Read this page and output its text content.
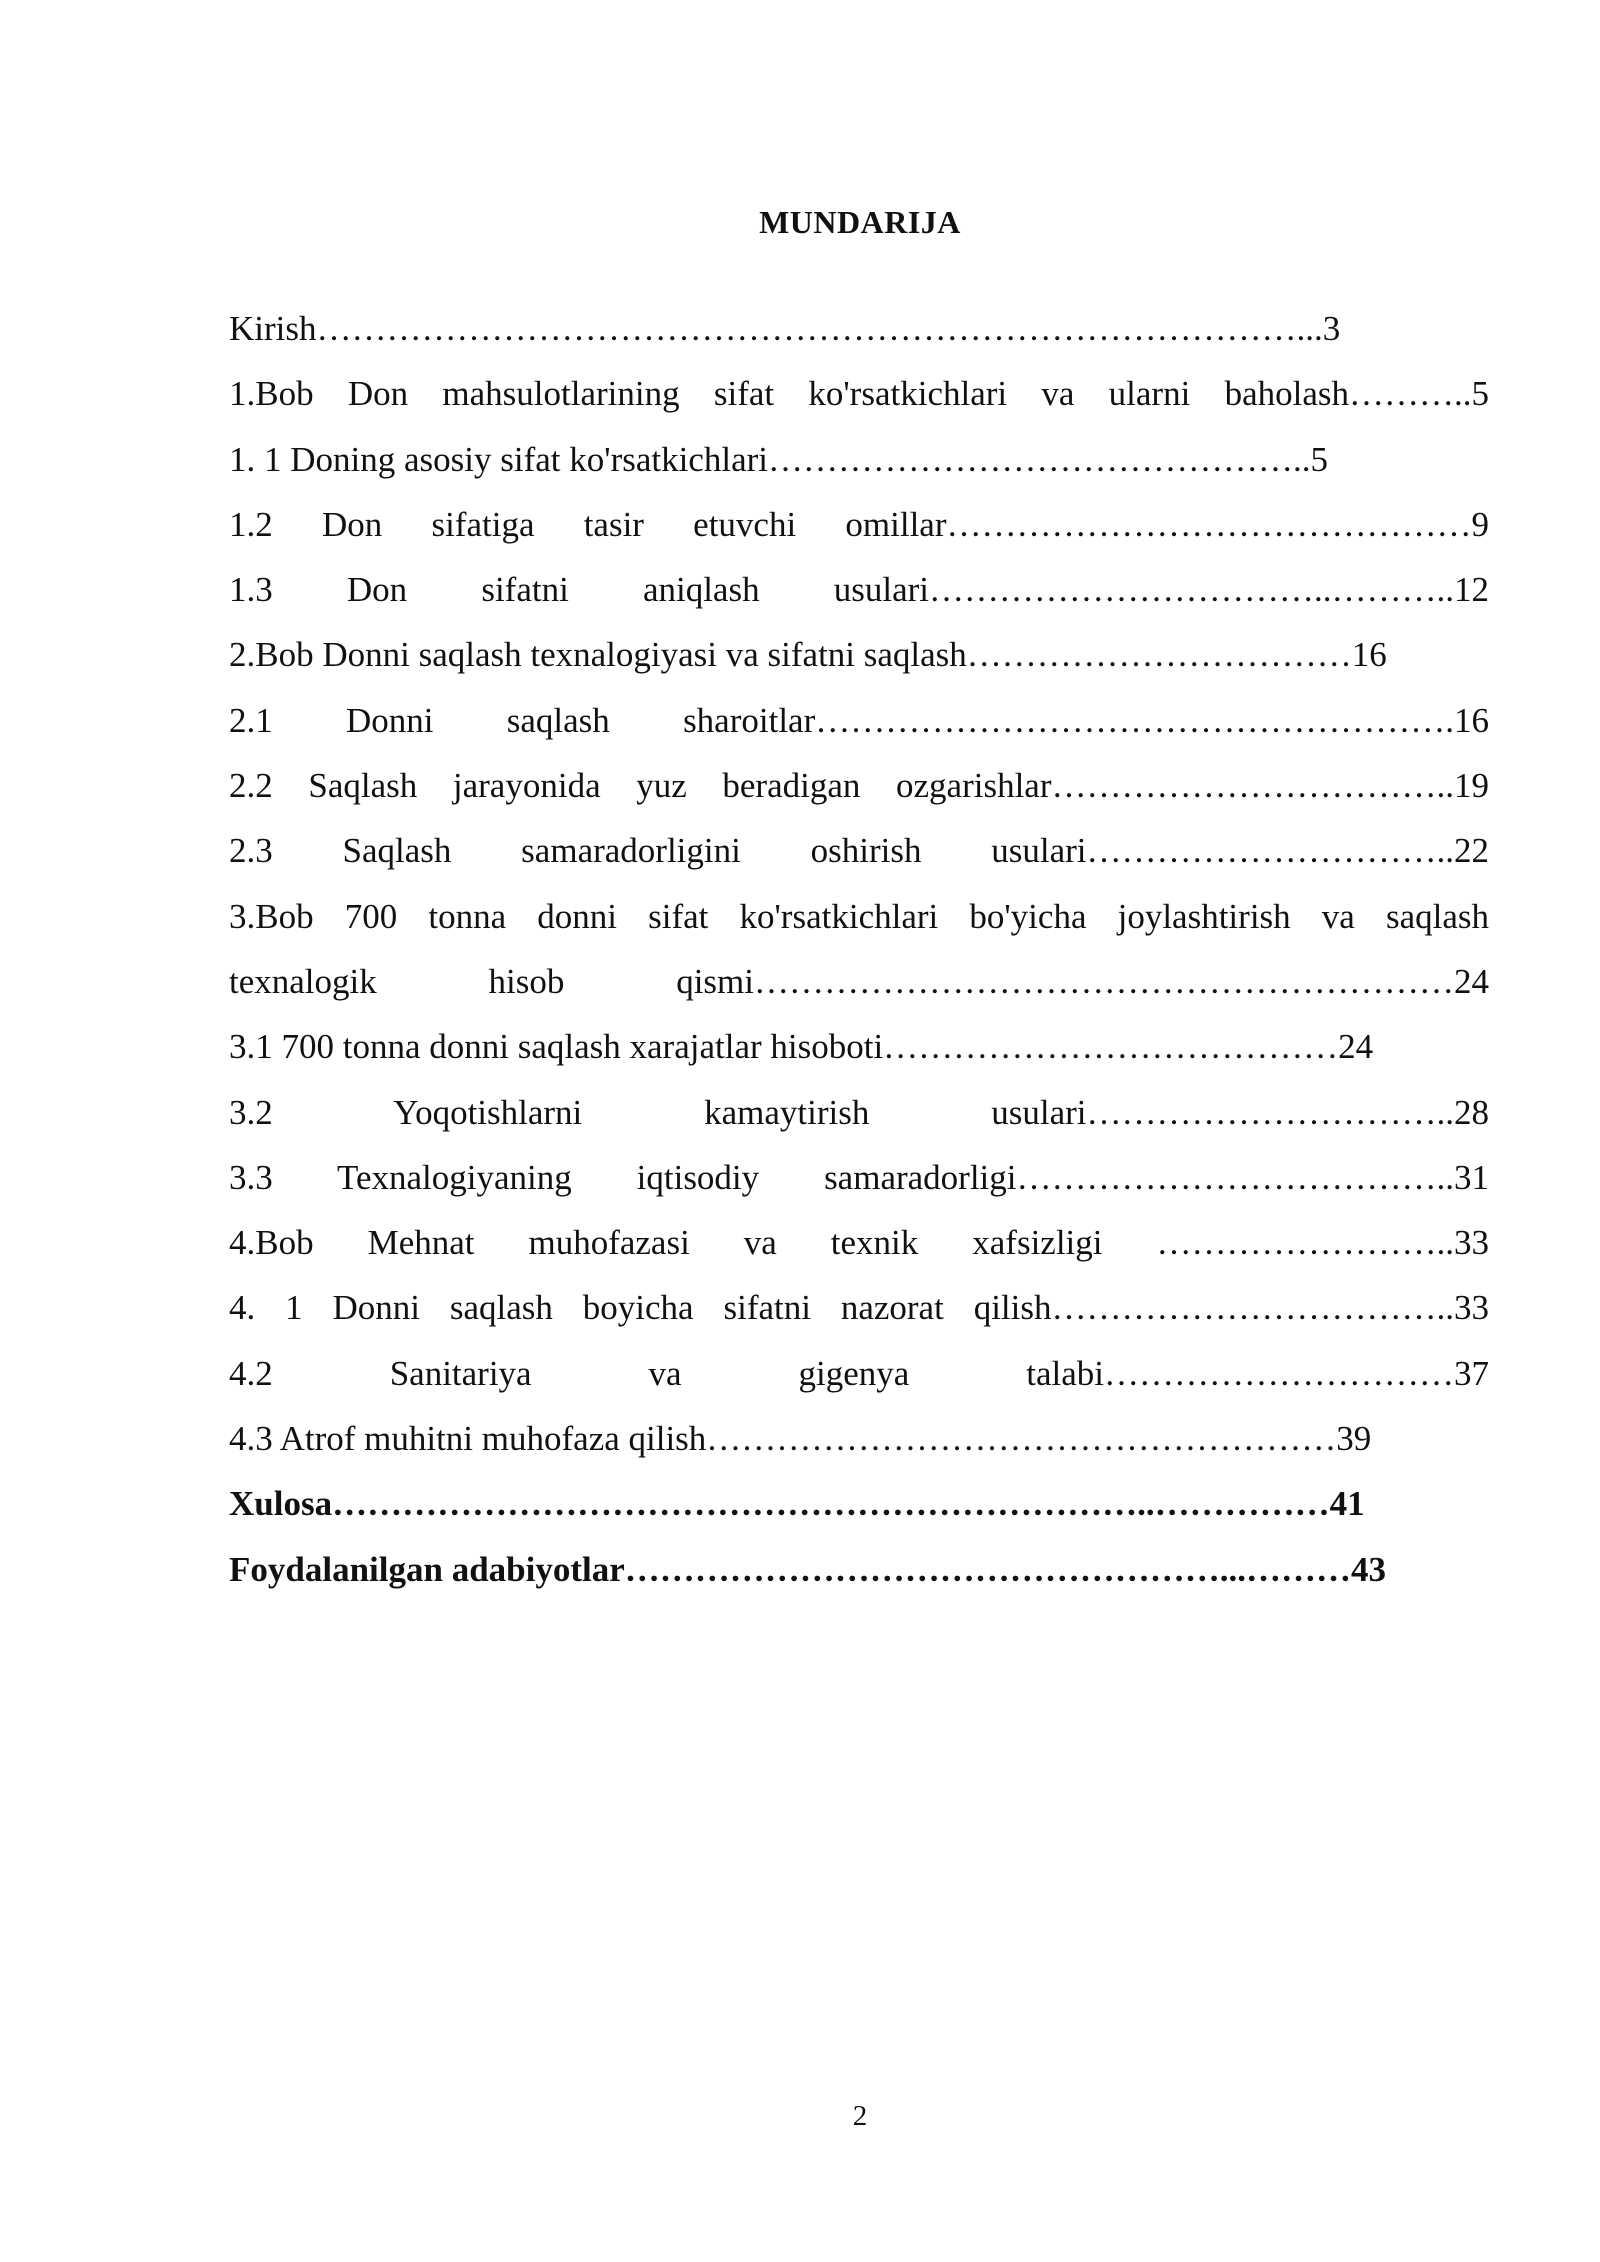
MUNDARIJA
Kirish…………………………………………………………………………...3
1.Bob Don mahsulotlarining sifat ko'rsatkichlari va ularni baholash………..5
1. 1 Doning asosiy sifat ko'rsatkichlari………………………………………..5
1.2 Don sifatiga tasir etuvchi omillar………………………………………9
1.3 Don sifatni aniqlash usulari……………………………..………..12
2.Bob Donni saqlash texnalogiyasi va sifatni saqlash……………………………16
2.1 Donni saqlash sharoitlar……………………………………………….16
2.2 Saqlash jarayonida yuz beradigan ozgarishlar……………………………..19
2.3 Saqlash samaradorligini oshirish usulari…………………………..22
3.Bob 700 tonna donni sifat ko'rsatkichlari bo'yicha joylashtirish va saqlash
texnalogik hisob qismi……………………………………………………24
3.1 700 tonna donni saqlash xarajatlar hisoboti…………………………………24
3.2 Yoqotishlarni kamaytirish usulari…………………………..28
3.3 Texnalogiyaning iqtisodiy samaradorligi………………………………..31
4.Bob Mehnat muhofazasi va texnik xafsizligi ……………………..33
4. 1 Donni saqlash boyicha sifatni nazorat qilish……………………………..33
4.2 Sanitariya va gigenya talabi…………………………37
4.3 Atrof muhitni muhofaza qilish………………………………………………39
Xulosa……………………………………………………………..……………41
Foydalanilgan adabiyotlar……………………………………………...………43
2
